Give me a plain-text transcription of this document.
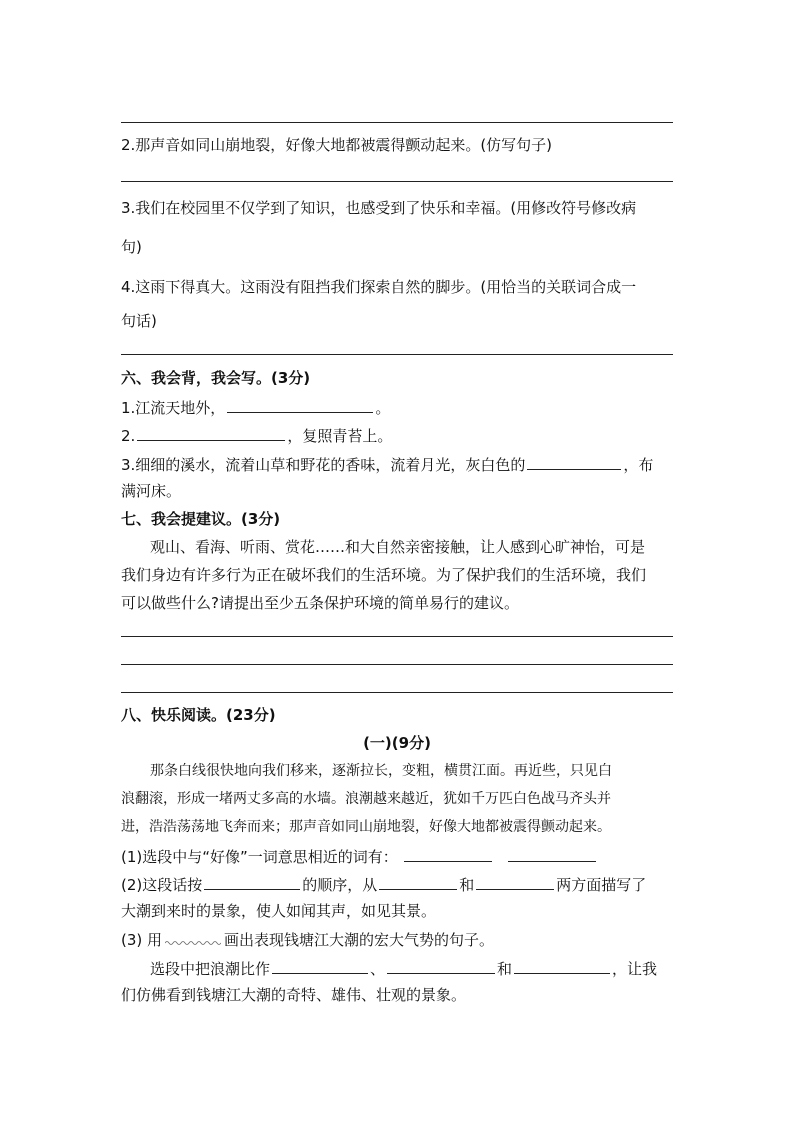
2.那声音如同山崩地裂，好像大地都被震得颤动起来。(仿写句子)
3.我们在校园里不仅学到了知识，也感受到了快乐和幸福。(用修改符号修改病
句)
4.这雨下得真大。这雨没有阻挡我们探索自然的脚步。(用恰当的关联词合成一
句话)
六、我会背，我会写。(3分)
1.江流天地外，	。
2.	，复照青苔上。
3.细细的溪水，流着山草和野花的香味，流着月光，灰白色的	，布
满河床。
七、我会提建议。(3分)
观山、看海、听雨、赏花……和大自然亲密接触，让人感到心旷神怡，可是
我们身边有许多行为正在破坏我们的生活环境。为了保护我们的生活环境，我们
可以做些什么?请提出至少五条保护环境的简单易行的建议。
八、快乐阅读。(23分)
(一)(9分)
那条白线很快地向我们移来，逐渐拉长，变粗，横贯江面。再近些，只见白
浪翻滚，形成一堵两丈多高的水墙。浪潮越来越近，犹如千万匹白色战马齐头并
进，浩浩荡荡地飞奔而来；那声音如同山崩地裂，好像大地都被震得颤动起来。
(1)选段中与“好像”一词意思相近的词有：
(2)这段话按	的顺序，从	和	两方面描写了
大潮到来时的景象，使人如闻其声，如见其景。
(3) 用	画出表现钱塘江大潮的宏大气势的句子。
选段中把浪潮比作	、	和	，让我
们仿佛看到钱塘江大潮的奇特、雄伟、壮观的景象。
